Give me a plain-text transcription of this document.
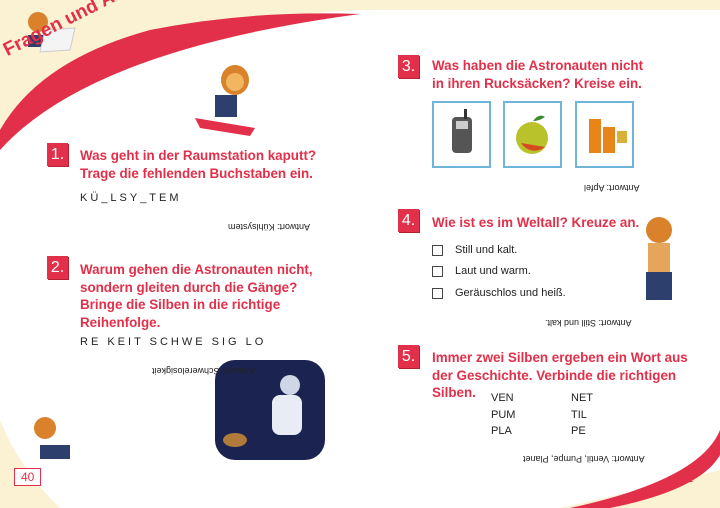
1. Was geht in der Raumstation kaputt?
Trage die fehlenden Buchstaben ein.
KÜ_LSY_TEM
Antwort: Kühlsystem
2. Warum gehen die Astronauten nicht,
sondern gleiten durch die Gänge?
Bringe die Silben in die richtige
Reihenfolge.
RE KEIT SCHWE SIG LO
Antwort: Schwerelosigkeit
40
3. Was haben die Astronauten nicht
in ihren Rucksäcken? Kreise ein.
Antwort: Apfel
4. Wie ist es im Weltall? Kreuze an.
Still und kalt.
Laut und warm.
Geräuschlos und heiß.
Antwort: Still und kalt.
5. Immer zwei Silben ergeben ein Wort aus
der Geschichte. Verbinde die richtigen
Silben.	VEN
PUM
PLA
NET
TIL
PE
Antwort: Ventil, Pumpe, Planet
41
